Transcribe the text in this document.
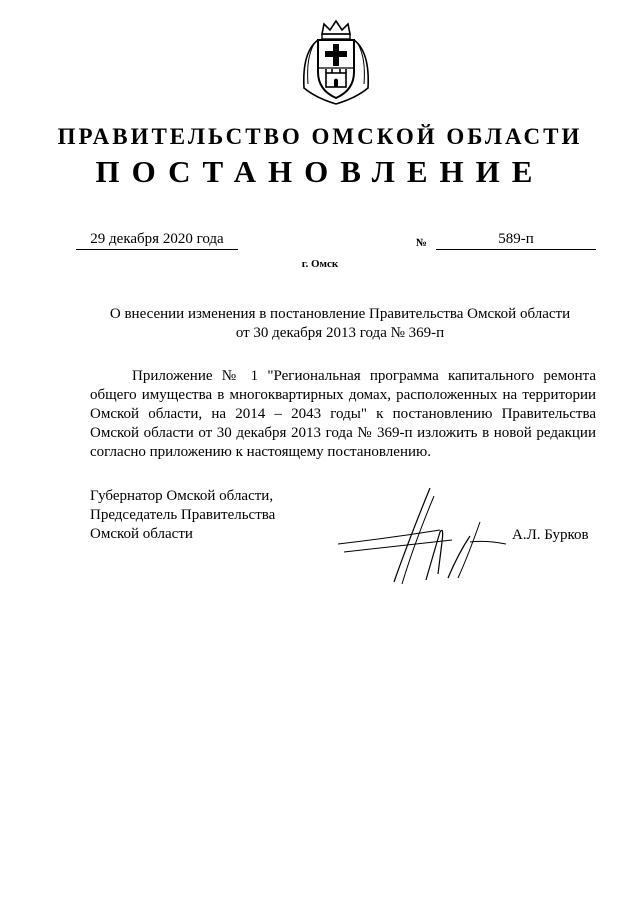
ПРАВИТЕЛЬСТВО ОМСКОЙ ОБЛАСТИ
ПОСТАНОВЛЕНИЕ
29 декабря 2020 года	№	589-п
г. Омск
О внесении изменения в постановление Правительства Омской области
от 30 декабря 2013 года № 369-п
Приложение № 1 "Региональная программа капитального ремонта общего имущества в многоквартирных домах, расположенных на территории Омской области, на 2014 – 2043 годы" к постановлению Правительства Омской области от 30 декабря 2013 года № 369-п изложить в новой редакции согласно приложению к настоящему постановлению.
Губернатор Омской области,
Председатель Правительства
Омской области	А.Л. Бурков
